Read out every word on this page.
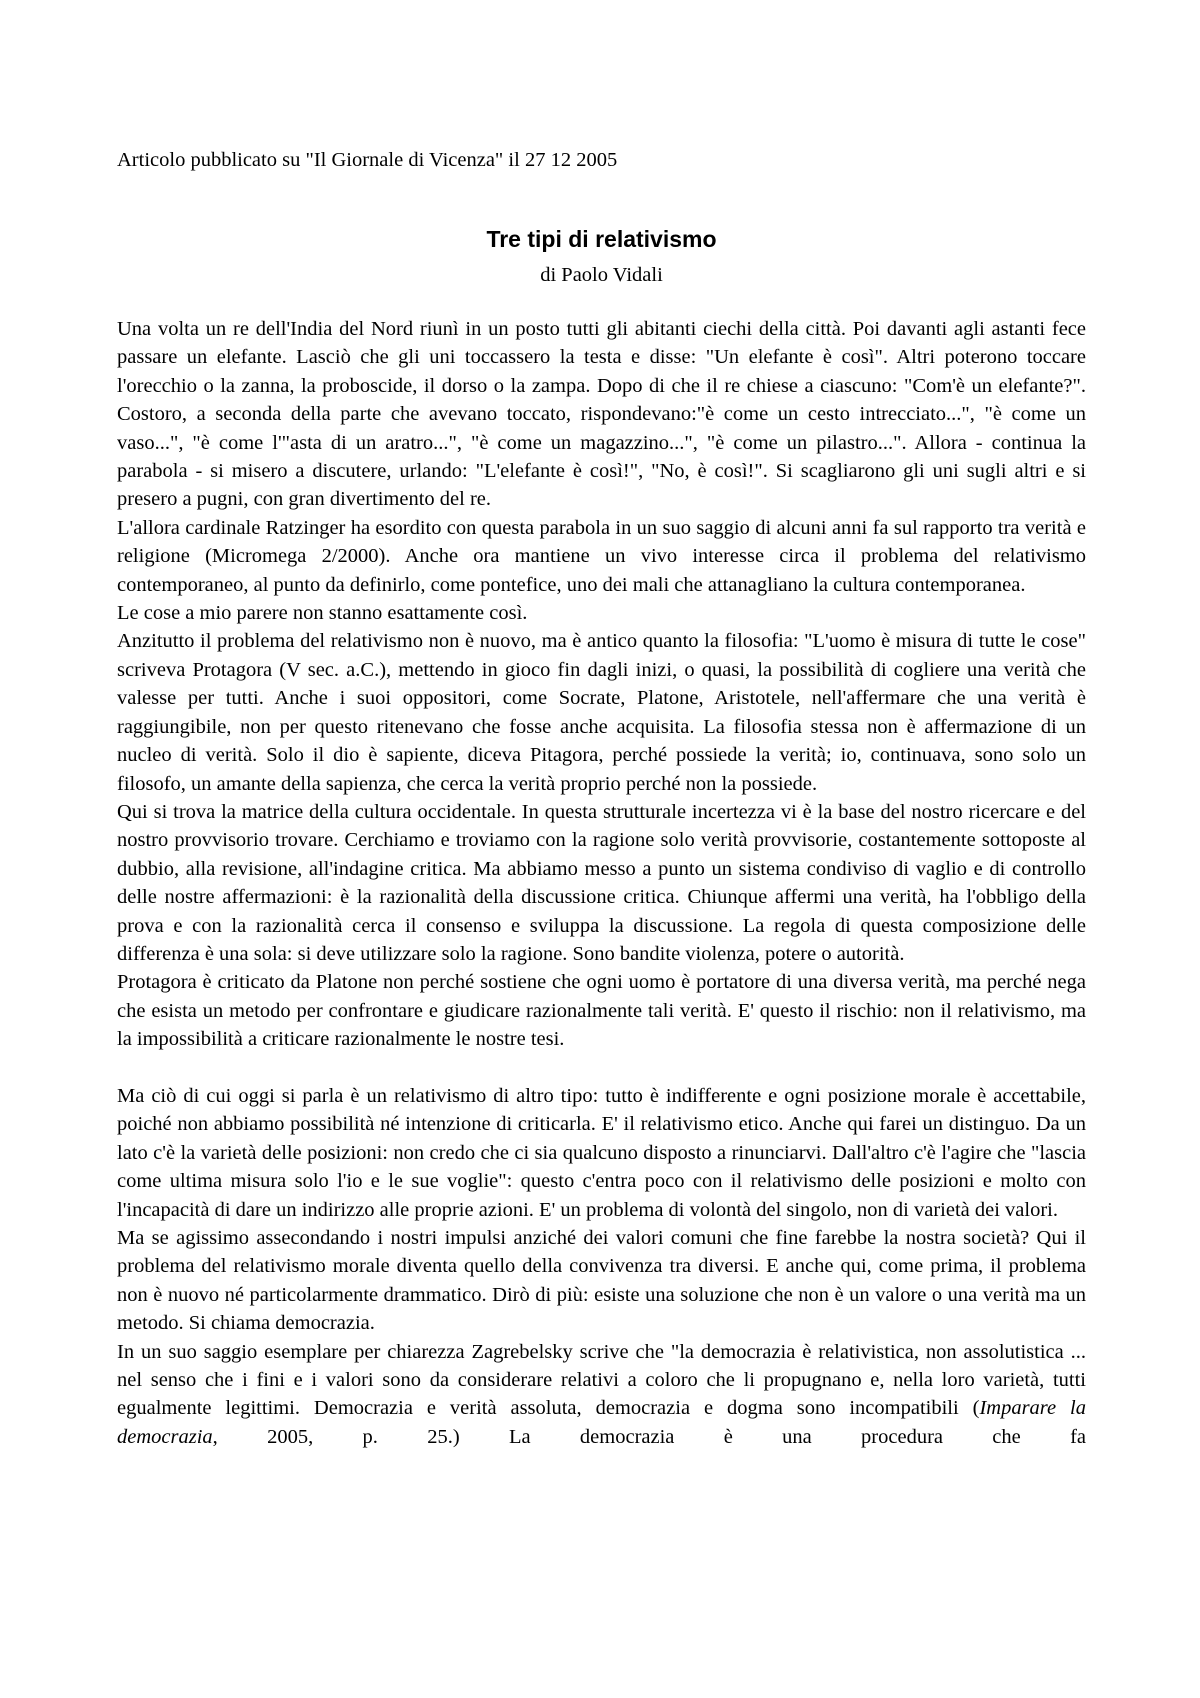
Articolo pubblicato su "Il Giornale di Vicenza" il 27 12 2005
Tre tipi di relativismo
di Paolo Vidali

Una volta un re dell'India del Nord riunì in un posto tutti gli abitanti ciechi della città. Poi davanti agli astanti fece passare un elefante. Lasciò che gli uni toccassero la testa e disse: "Un elefante è così". Altri poterono toccare l'orecchio o la zanna, la proboscide, il dorso o la zampa. Dopo di che il re chiese a ciascuno: "Com'è un elefante?". Costoro, a seconda della parte che avevano toccato, rispondevano:"è come un cesto intrecciato...", "è come un vaso...", "è come l'"asta di un aratro...", "è come un magazzino...", "è come un pilastro...". Allora - continua la parabola - si misero a discutere, urlando: "L'elefante è così!", "No, è così!". Si scagliarono gli uni sugli altri e si presero a pugni, con gran divertimento del re.

L'allora cardinale Ratzinger ha esordito con questa parabola in un suo saggio di alcuni anni fa sul rapporto tra verità e religione (Micromega 2/2000). Anche ora mantiene un vivo interesse circa il problema del relativismo contemporaneo, al punto da definirlo, come pontefice, uno dei mali che attanagliano la cultura contemporanea.

Le cose a mio parere non stanno esattamente così.

Anzitutto il problema del relativismo non è nuovo, ma è antico quanto la filosofia: "L'uomo è misura di tutte le cose" scriveva Protagora (V sec. a.C.), mettendo in gioco fin dagli inizi, o quasi, la possibilità di cogliere una verità che valesse per tutti. Anche i suoi oppositori, come Socrate, Platone, Aristotele, nell'affermare che una verità è raggiungibile, non per questo ritenevano che fosse anche acquisita. La filosofia stessa non è affermazione di un nucleo di verità. Solo il dio è sapiente, diceva Pitagora, perché possiede la verità; io, continuava, sono solo un filosofo, un amante della sapienza, che cerca la verità proprio perché non la possiede.

Qui si trova la matrice della cultura occidentale. In questa strutturale incertezza vi è la base del nostro ricercare e del nostro provvisorio trovare. Cerchiamo e troviamo con la ragione solo verità provvisorie, costantemente sottoposte al dubbio, alla revisione, all'indagine critica. Ma abbiamo messo a punto un sistema condiviso di vaglio e di controllo delle nostre affermazioni: è la razionalità della discussione critica. Chiunque affermi una verità, ha l'obbligo della prova e con la razionalità cerca il consenso e sviluppa la discussione. La regola di questa composizione delle differenza è una sola: si deve utilizzare solo la ragione. Sono bandite violenza, potere o autorità.

Protagora è criticato da Platone non perché sostiene che ogni uomo è portatore di una diversa verità, ma perché nega che esista un metodo per confrontare e giudicare razionalmente tali verità. E' questo il rischio: non il relativismo, ma la impossibilità a criticare razionalmente le nostre tesi.

Ma ciò di cui oggi si parla è un relativismo di altro tipo: tutto è indifferente e ogni posizione morale è accettabile, poiché non abbiamo possibilità né intenzione di criticarla. E' il relativismo etico. Anche qui farei un distinguo. Da un lato c'è la varietà delle posizioni: non credo che ci sia qualcuno disposto a rinunciarvi. Dall'altro c'è l'agire che "lascia come ultima misura solo l'io e le sue voglie": questo c'entra poco con il relativismo delle posizioni e molto con l'incapacità di dare un indirizzo alle proprie azioni. E' un problema di volontà del singolo, non di varietà dei valori.

Ma se agissimo assecondando i nostri impulsi anziché dei valori comuni che fine farebbe la nostra società? Qui il problema del relativismo morale diventa quello della convivenza tra diversi. E anche qui, come prima, il problema non è nuovo né particolarmente drammatico. Dirò di più: esiste una soluzione che non è un valore o una verità ma un metodo. Si chiama democrazia.

In un suo saggio esemplare per chiarezza Zagrebelsky scrive che "la democrazia è relativistica, non assolutistica ... nel senso che i fini e i valori sono da considerare relativi a coloro che li propugnano e, nella loro varietà, tutti egualmente legittimi. Democrazia e verità assoluta, democrazia e dogma sono incompatibili (Imparare la democrazia, 2005, p. 25.) La democrazia è una procedura che fa
